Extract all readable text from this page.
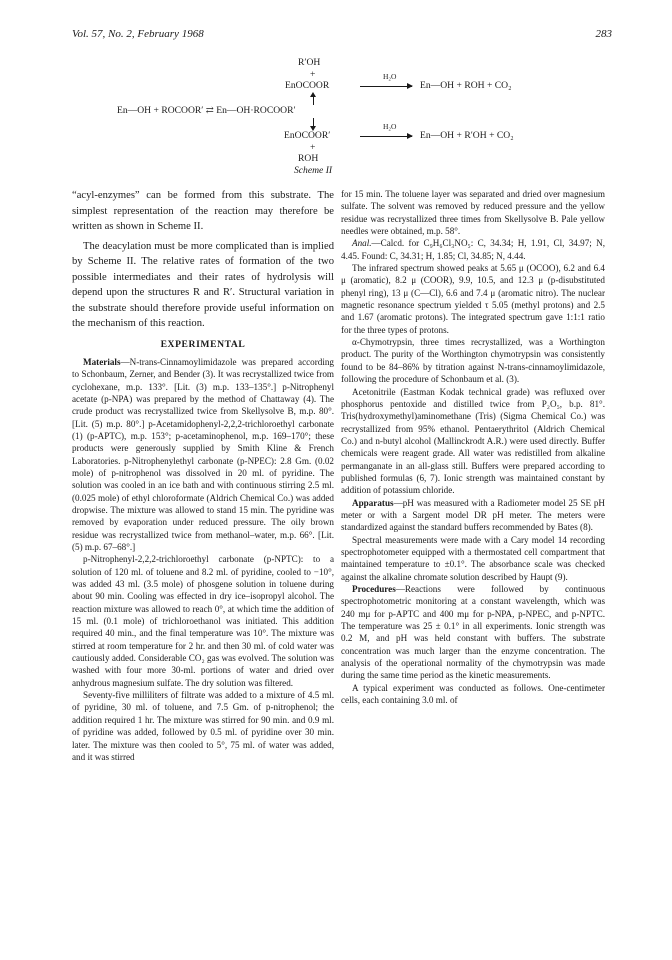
Vol. 57, No. 2, February 1968	283
R′OH
+
EnOCOOR
H₂O
En—OH + ROH + CO₂
En—OH + ROCOOR′ ⇄ En—OH·ROCOOR′
H₂O
EnOCOOR′	En—OH + R′OH + CO₂
+
ROH
Scheme II

“acyl-enzymes” can be formed from this substrate. The simplest representation of the reaction may therefore be written as shown in Scheme II.

The deacylation must be more complicated than is implied by Scheme II. The relative rates of formation of the two possible intermediates and their rates of hydrolysis will depend upon the structures R and R′. Structural variation in the substrate should therefore provide useful information on the mechanism of this reaction.

EXPERIMENTAL

Materials—N-trans-Cinnamoylimidazole was prepared according to Schonbaum, Zerner, and Bender (3). It was recrystallized twice from cyclohexane, m.p. 133°. [Lit. (3) m.p. 133–135°.] p-Nitrophenyl acetate (p-NPA) was prepared by the method of Chattaway (4). The crude product was recrystallized twice from Skellysolve B, m.p. 80°. [Lit. (5) m.p. 80°.] p-Acetamidophenyl-2,2,2-trichloroethyl carbonate (1) (p-APTC), m.p. 153°; p-acetaminophenol, m.p. 169–170°; these products were generously supplied by Smith Kline & French Laboratories. p-Nitrophenylethyl carbonate (p-NPEC): 2.8 Gm. (0.02 mole) of p-nitrophenol was dissolved in 20 ml. of pyridine. The solution was cooled in an ice bath and with continuous stirring 2.5 ml. (0.025 mole) of ethyl chloroformate (Aldrich Chemical Co.) was added dropwise. The mixture was allowed to stand 15 min. The pyridine was removed by evaporation under reduced pressure. The oily brown residue was recrystallized twice from methanol–water, m.p. 66°. [Lit. (5) m.p. 67–68°.]

p-Nitrophenyl-2,2,2-trichloroethyl carbonate (p-NPTC): to a solution of 120 ml. of toluene and 8.2 ml. of pyridine, cooled to −10°, was added 43 ml. (3.5 mole) of phosgene solution in toluene during about 90 min. Cooling was effected in dry ice–isopropyl alcohol. The reaction mixture was allowed to reach 0°, at which time the addition of 15 ml. (0.1 mole) of trichloroethanol was initiated. This addition required 40 min., and the final temperature was 10°. The mixture was stirred at room temperature for 2 hr. and then 30 ml. of cold water was cautiously added. Considerable CO₂ gas was evolved. The solution was washed with four more 30-ml. portions of water and dried over anhydrous magnesium sulfate. The dry solution was filtered.

Seventy-five milliliters of filtrate was added to a mixture of 4.5 ml. of pyridine, 30 ml. of toluene, and 7.5 Gm. of p-nitrophenol; the addition required 1 hr. The mixture was stirred for 90 min. and 0.9 ml. of pyridine was added, followed by 0.5 ml. of pyridine over 30 min. later. The mixture was then cooled to 5°, 75 ml. of water was added, and it was stirred

for 15 min. The toluene layer was separated and dried over magnesium sulfate. The solvent was removed by reduced pressure and the yellow residue was recrystallized three times from Skellysolve B. Pale yellow needles were obtained, m.p. 58°.

Anal.—Calcd. for C₉H₆Cl₃NO₅: C, 34.34; H, 1.91, Cl, 34.97; N, 4.45. Found: C, 34.31; H, 1.85; Cl, 34.85; N, 4.44.

The infrared spectrum showed peaks at 5.65 μ (OCOO), 6.2 and 6.4 μ (aromatic), 8.2 μ (COOR), 9.9, 10.5, and 12.3 μ (p-disubstituted phenyl ring), 13 μ (C—Cl), 6.6 and 7.4 μ (aromatic nitro). The nuclear magnetic resonance spectrum yielded τ 5.05 (methyl protons) and 2.5 and 1.67 (aromatic protons). The integrated spectrum gave 1:1:1 ratio for the three types of protons.

α-Chymotrypsin, three times recrystallized, was a Worthington product. The purity of the Worthington chymotrypsin was consistently found to be 84–86% by titration against N-trans-cinnamoylimidazole, following the procedure of Schonbaum et al. (3).

Acetonitrile (Eastman Kodak technical grade) was refluxed over phosphorus pentoxide and distilled twice from P₂O₅, b.p. 81°. Tris(hydroxymethyl)aminomethane (Tris) (Sigma Chemical Co.) was recrystallized from 95% ethanol. Pentaerythritol (Aldrich Chemical Co.) and n-butyl alcohol (Mallinckrodt A.R.) were used directly. Buffer chemicals were reagent grade. All water was redistilled from alkaline permanganate in an all-glass still. Buffers were prepared according to published formulas (6, 7). Ionic strength was maintained constant by addition of potassium chloride.

Apparatus—pH was measured with a Radiometer model 25 SE pH meter or with a Sargent model DR pH meter. The meters were standardized against the standard buffers recommended by Bates (8).

Spectral measurements were made with a Cary model 14 recording spectrophotometer equipped with a thermostated cell compartment that maintained temperature to ±0.1°. The absorbance scale was checked against the alkaline chromate solution described by Haupt (9).

Procedures—Reactions were followed by continuous spectrophotometric monitoring at a constant wavelength, which was 240 mμ for p-APTC and 400 mμ for p-NPA, p-NPEC, and p-NPTC. The temperature was 25 ± 0.1° in all experiments. Ionic strength was 0.2 M, and pH was held constant with buffers. The substrate concentration was much larger than the enzyme concentration. The analysis of the operational normality of the chymotrypsin was made during the same time period as the kinetic measurements.

A typical experiment was conducted as follows. One-centimeter cells, each containing 3.0 ml. of
